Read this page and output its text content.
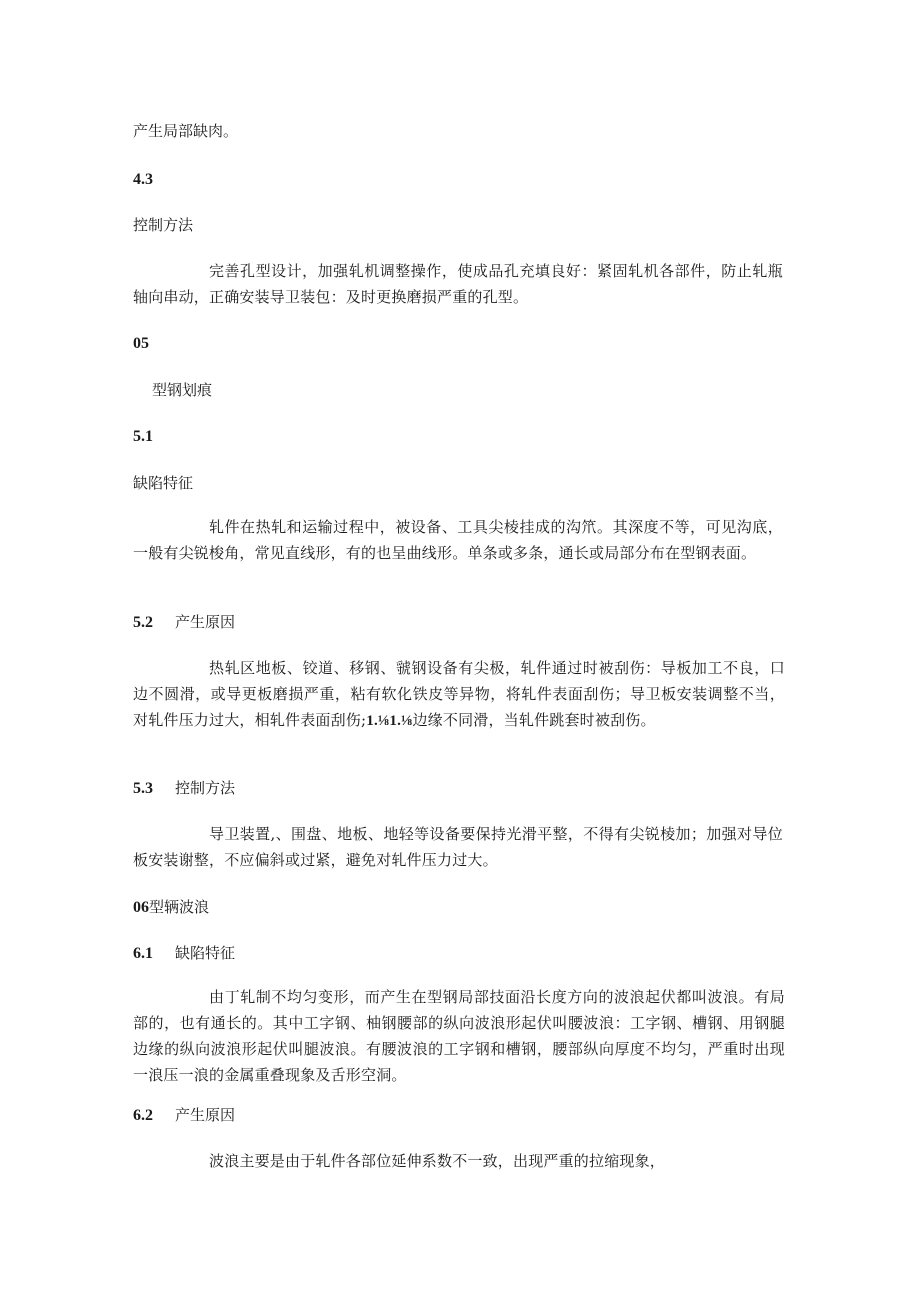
产生局部缺肉。
4.3
控制方法
完善孔型设计，加强轧机调整操作，使成品孔充填良好：紧固轧机各部件，防止轧瓶轴向串动，正确安装导卫装包：及时更换磨损严重的孔型。
05
型钢划痕
5.1
缺陷特征
轧件在热轧和运输过程中，被设备、工具尖棱挂成的沟笊。其深度不等，可见沟底，一般有尖锐梭角，常见直线形，有的也呈曲线形。单条或多条，通长或局部分布在型钢表面。
5.2 产生原因
热轧区地板、铰道、移钢、虢钢设备有尖极，轧件通过时被刮伤：导板加工不良，口边不圆滑，或导更板磨损严重，粘有软化铁皮等异物，将轧件表面刮伤；导卫板安装调整不当，对轧件压力过大，相轧件表面刮伤;1.⅛1.⅛边缘不同滑，当轧件跳套时被刮伤。
5.3 控制方法
导卫装置,、围盘、地板、地轻等设备要保持光滑平整，不得有尖锐棱加；加强对导位板安装谢整，不应偏斜或过紧，避免对轧件压力过大。
06型辆波浪
6.1 缺陷特征
由丁轧制不均匀变形，而产生在型钢局部技面沿长度方向的波浪起伏都叫波浪。有局部的，也有通长的。其中工字钢、柚钢腰部的纵向波浪形起伏叫腰波浪：工字钢、槽钢、用钢腿边缘的纵向波浪形起伏叫腿波浪。有腰波浪的工字钢和槽钢，腰部纵向厚度不均匀，严重时出现一浪压一浪的金属重叠现象及舌形空洞。
6.2 产生原因
波浪主要是由于轧件各部位延伸系数不一致，出现严重的拉缩现象，
